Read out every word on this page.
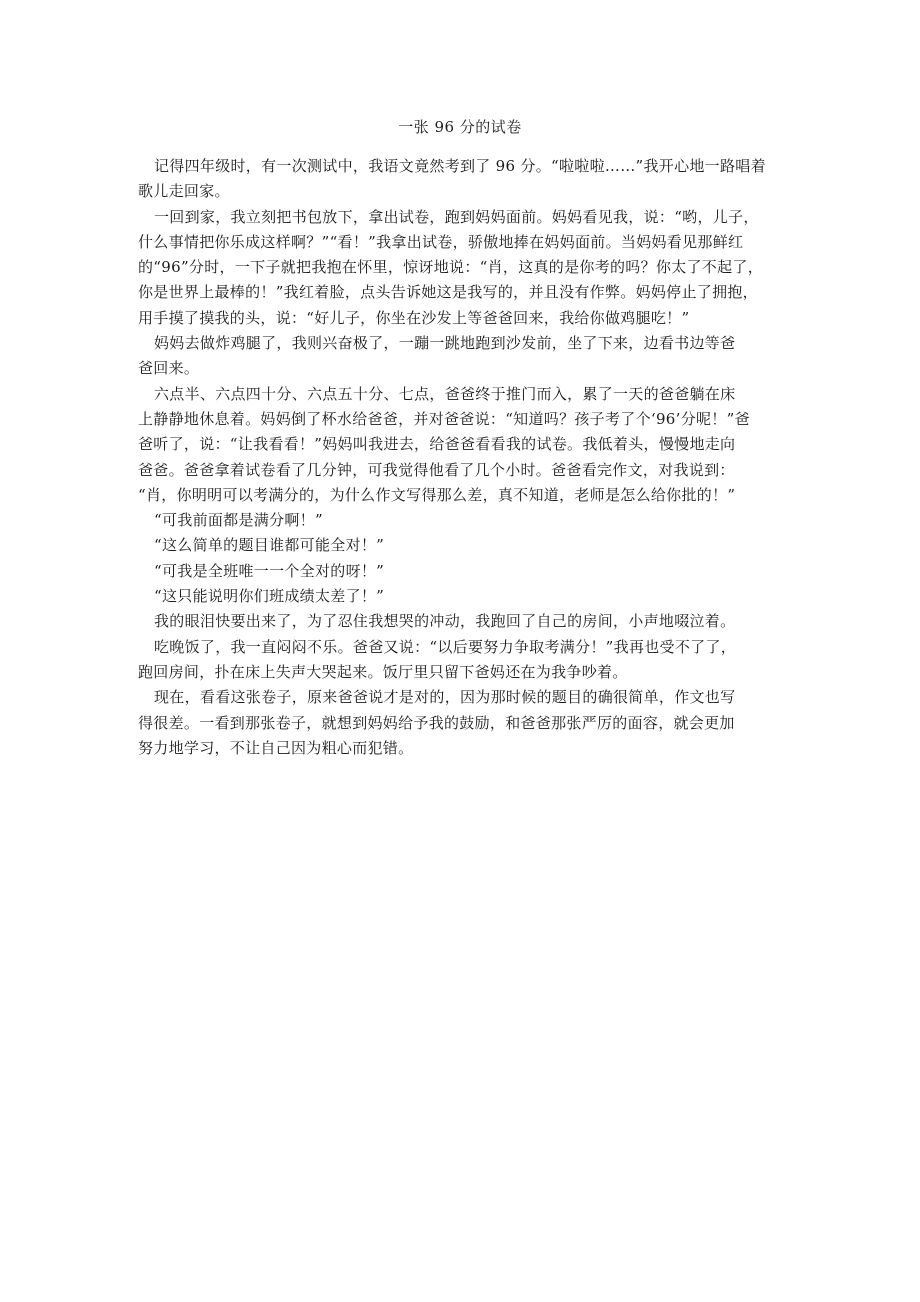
一张 96 分的试卷
记得四年级时，有一次测试中，我语文竟然考到了 96 分。“啦啦啦……”我开心地一路唱着
歌儿走回家。
一回到家，我立刻把书包放下，拿出试卷，跑到妈妈面前。妈妈看见我，说：“哟，儿子，
什么事情把你乐成这样啊？”“看！”我拿出试卷，骄傲地捧在妈妈面前。当妈妈看见那鲜红
的“96”分时，一下子就把我抱在怀里，惊讶地说：“肖，这真的是你考的吗？你太了不起了，
你是世界上最棒的！”我红着脸，点头告诉她这是我写的，并且没有作弊。妈妈停止了拥抱，
用手摸了摸我的头，说：“好儿子，你坐在沙发上等爸爸回来，我给你做鸡腿吃！”
妈妈去做炸鸡腿了，我则兴奋极了，一蹦一跳地跑到沙发前，坐了下来，边看书边等爸
爸回来。
六点半、六点四十分、六点五十分、七点，爸爸终于推门而入，累了一天的爸爸躺在床
上静静地休息着。妈妈倒了杯水给爸爸，并对爸爸说：“知道吗？孩子考了个‘96’分呢！”爸
爸听了，说：“让我看看！”妈妈叫我进去，给爸爸看看我的试卷。我低着头，慢慢地走向
爸爸。爸爸拿着试卷看了几分钟，可我觉得他看了几个小时。爸爸看完作文，对我说到：
“肖，你明明可以考满分的，为什么作文写得那么差，真不知道，老师是怎么给你批的！”
“可我前面都是满分啊！”
“这么简单的题目谁都可能全对！”
“可我是全班唯一一个全对的呀！”
“这只能说明你们班成绩太差了！”
我的眼泪快要出来了，为了忍住我想哭的冲动，我跑回了自己的房间，小声地啜泣着。
吃晚饭了，我一直闷闷不乐。爸爸又说：“以后要努力争取考满分！”我再也受不了了，
跑回房间，扑在床上失声大哭起来。饭厅里只留下爸妈还在为我争吵着。
现在，看看这张卷子，原来爸爸说才是对的，因为那时候的题目的确很简单，作文也写
得很差。一看到那张卷子，就想到妈妈给予我的鼓励，和爸爸那张严厉的面容，就会更加
努力地学习，不让自己因为粗心而犯错。
